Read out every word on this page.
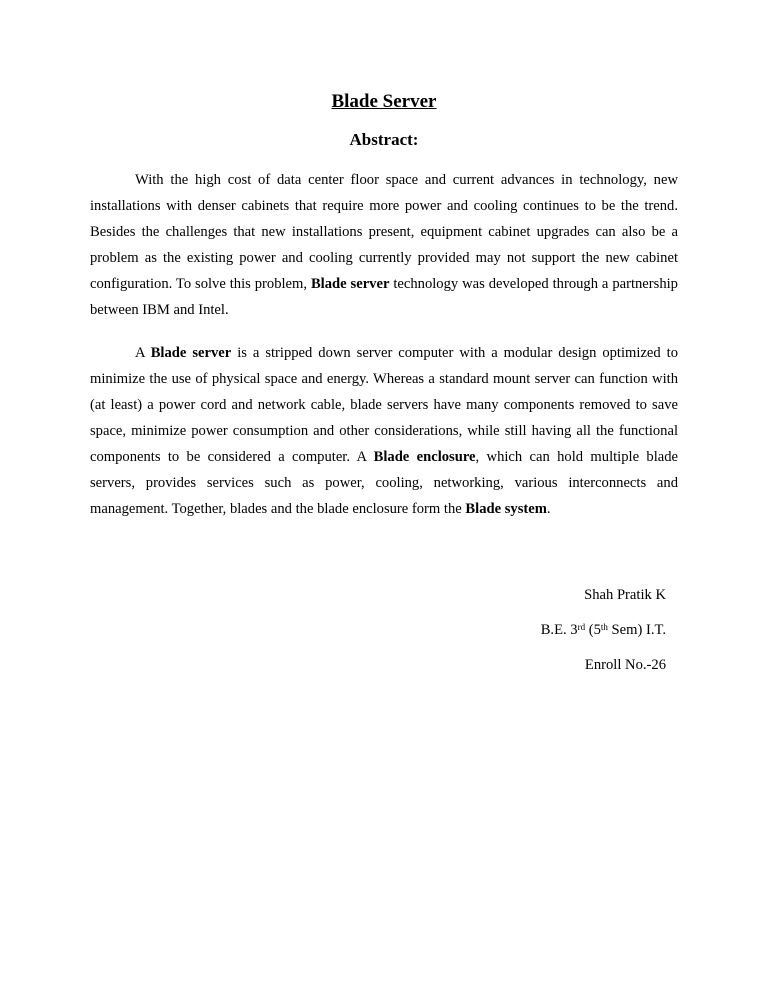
Blade Server
Abstract:

With the high cost of data center floor space and current advances in technology, new installations with denser cabinets that require more power and cooling continues to be the trend. Besides the challenges that new installations present, equipment cabinet upgrades can also be a problem as the existing power and cooling currently provided may not support the new cabinet configuration. To solve this problem, Blade server technology was developed through a partnership between IBM and Intel.

A Blade server is a stripped down server computer with a modular design optimized to minimize the use of physical space and energy. Whereas a standard mount server can function with (at least) a power cord and network cable, blade servers have many components removed to save space, minimize power consumption and other considerations, while still having all the functional components to be considered a computer. A Blade enclosure, which can hold multiple blade servers, provides services such as power, cooling, networking, various interconnects and management. Together, blades and the blade enclosure form the Blade system.

Shah Pratik K
B.E. 3rd (5th Sem) I.T.
Enroll No.-26
